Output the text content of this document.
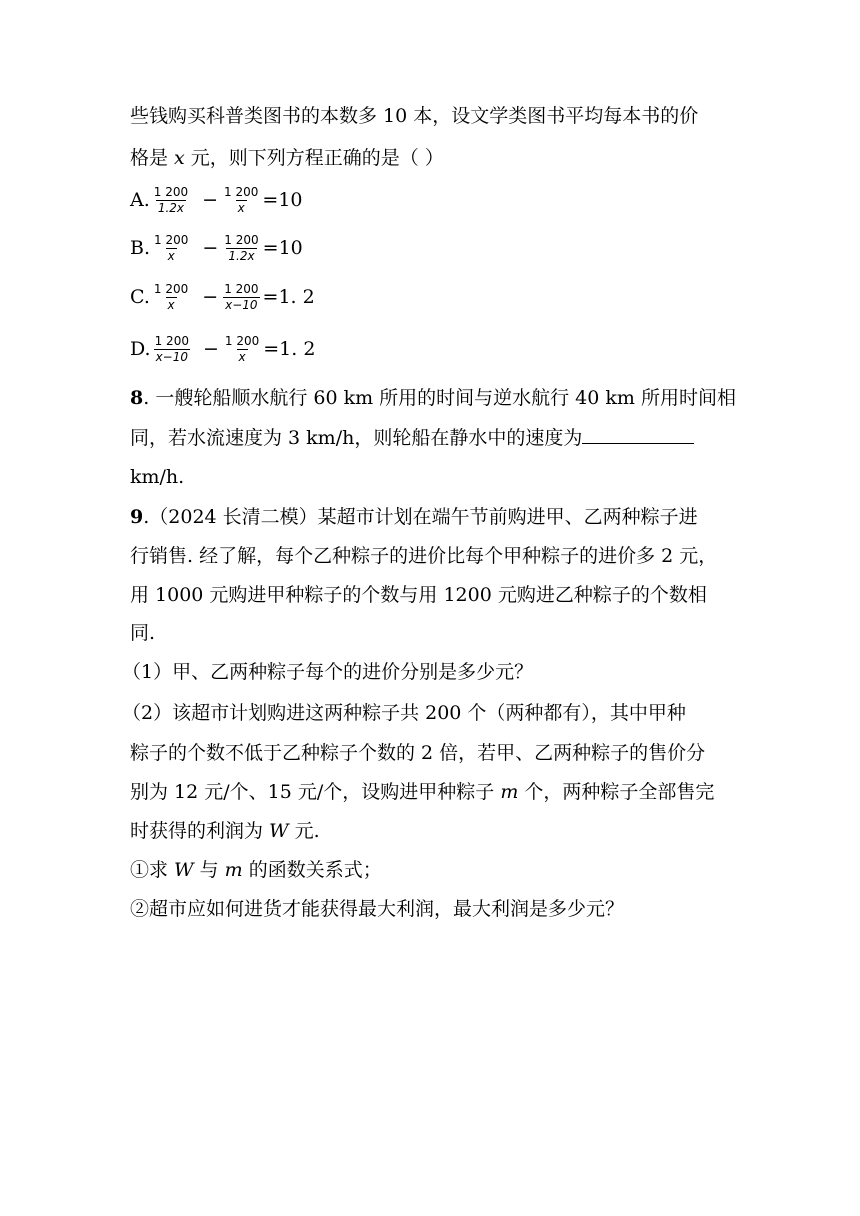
些钱购买科普类图书的本数多 10 本，设文学类图书平均每本书的价
格是 x 元，则下列方程正确的是（ ）
A. $\frac{1 200}{1.2x} - \frac{1 200}{x} =10$
B. $\frac{1 200}{x} - \frac{1 200}{1.2x} =10$
C. $\frac{1 200}{x} - \frac{1 200}{x-10} =1$. 2
D. $\frac{1 200}{x-10} - \frac{1 200}{x} =1$. 2
8. 一艘轮船顺水航行 60 km 所用的时间与逆水航行 40 km 所用时间相
同，若水流速度为 3 km/h，则轮船在静水中的速度为
km/h.
9.（2024 长清二模）某超市计划在端午节前购进甲、乙两种粽子进
行销售. 经了解，每个乙种粽子的进价比每个甲种粽子的进价多 2 元，
用 1000 元购进甲种粽子的个数与用 1200 元购进乙种粽子的个数相
同.
（1）甲、乙两种粽子每个的进价分别是多少元？
（2）该超市计划购进这两种粽子共 200 个（两种都有），其中甲种
粽子的个数不低于乙种粽子个数的 2 倍，若甲、乙两种粽子的售价分
别为 12 元/个、15 元/个，设购进甲种粽子 m 个，两种粽子全部售完
时获得的利润为 W 元.
①求 W 与 m 的函数关系式；
②超市应如何进货才能获得最大利润，最大利润是多少元？
